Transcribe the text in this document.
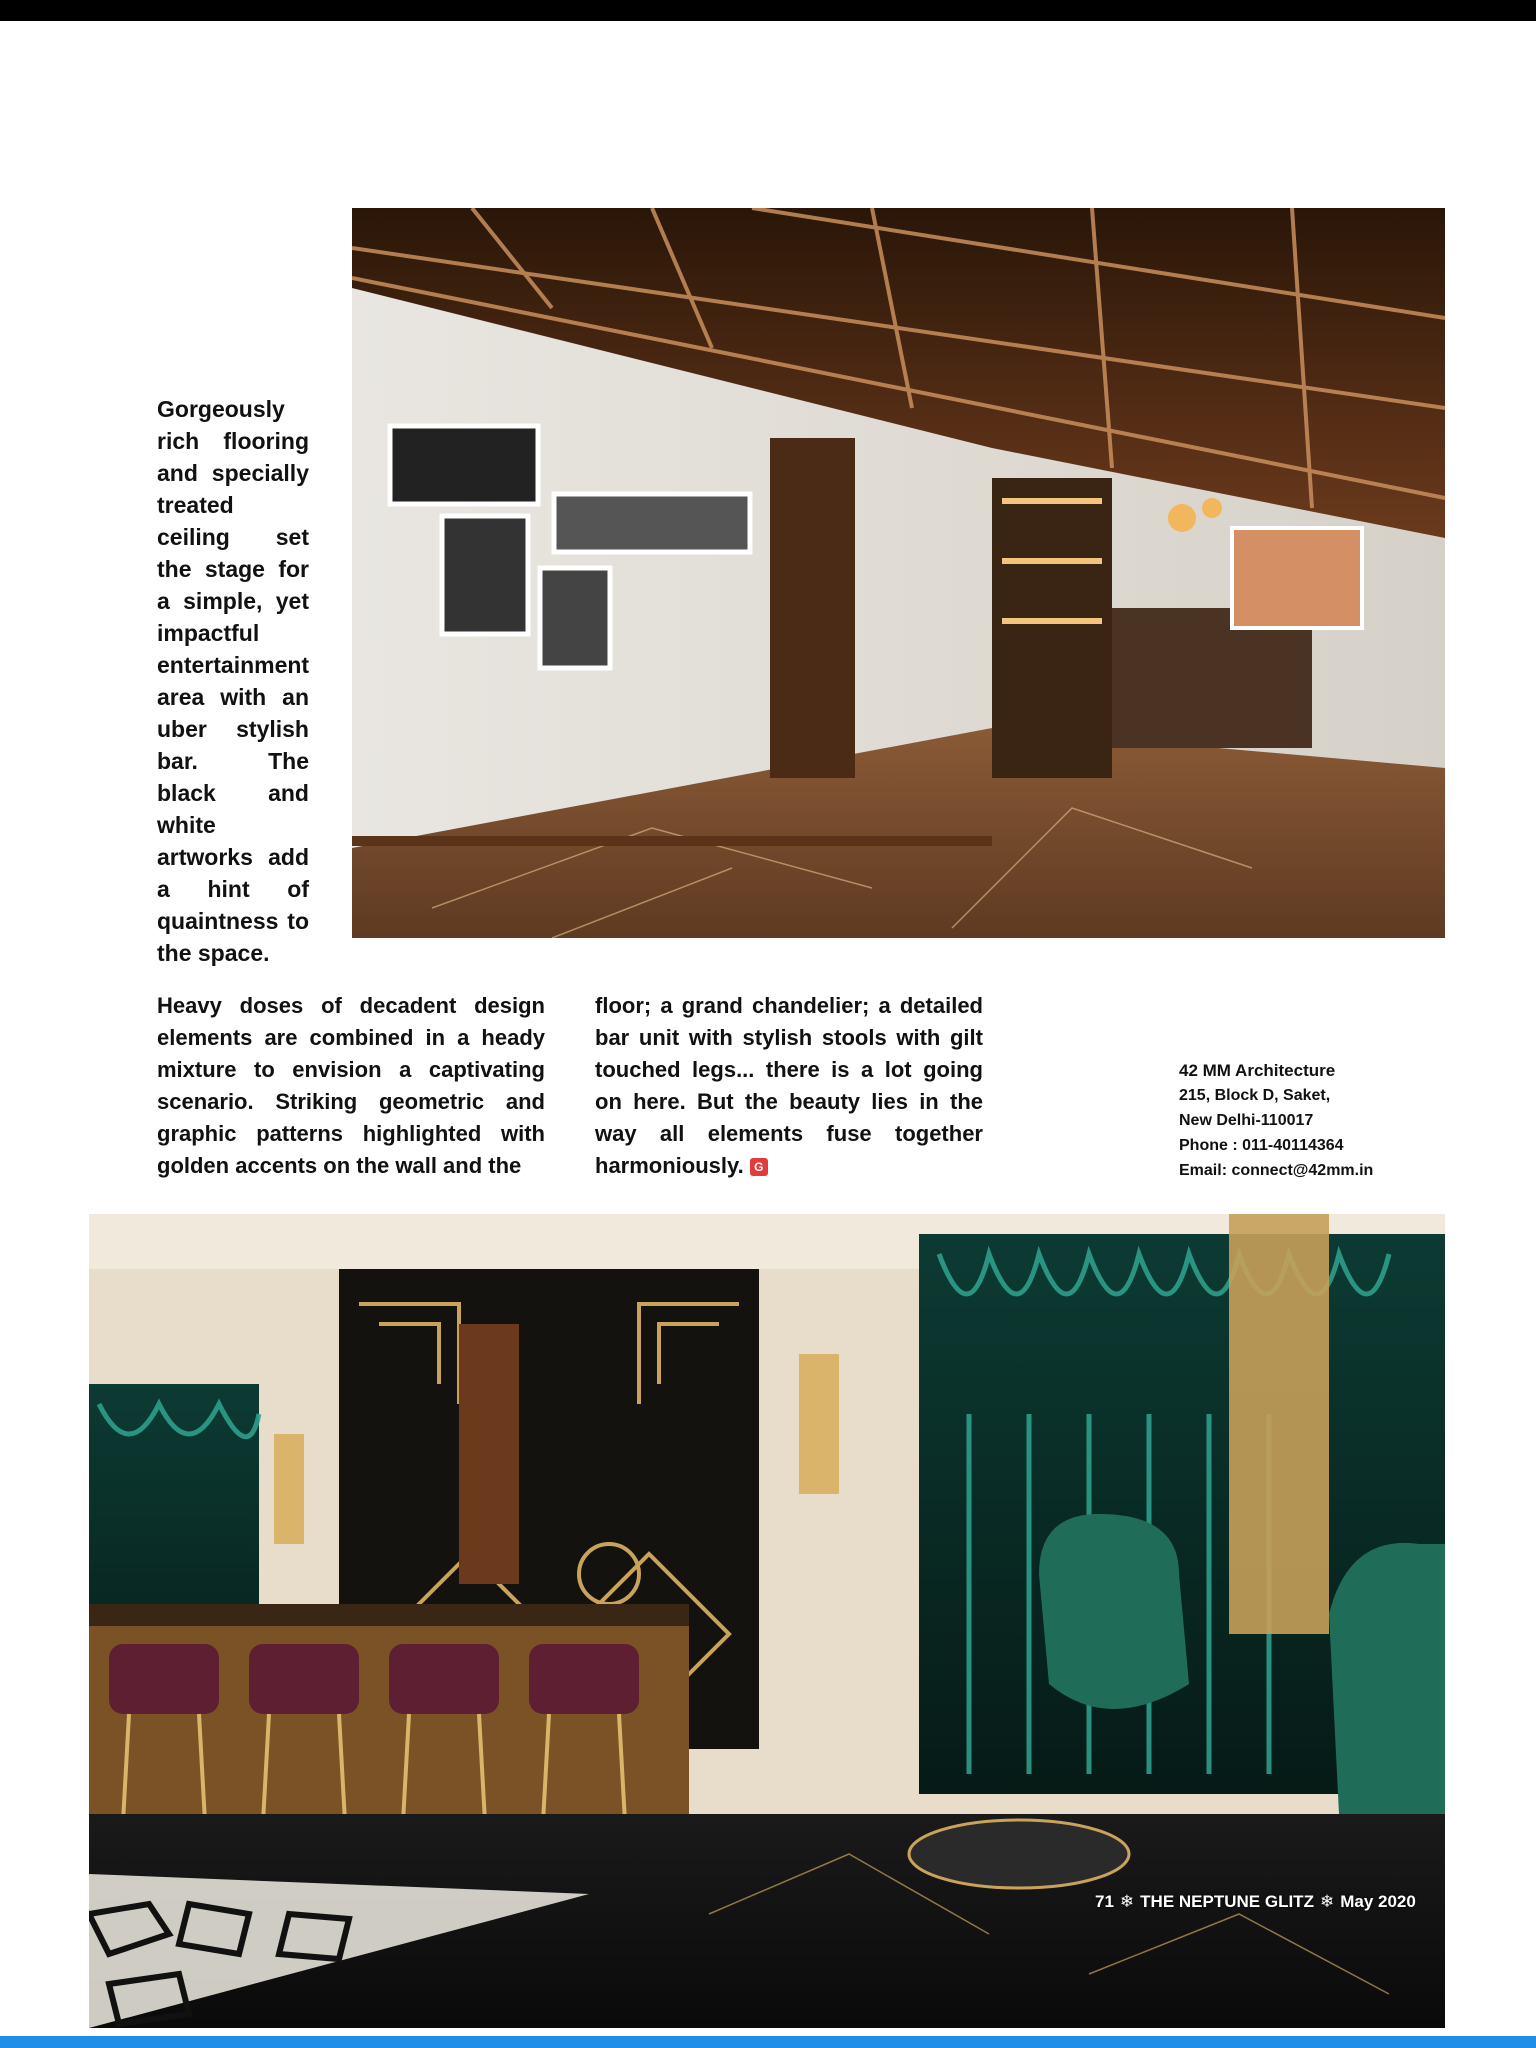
Gorgeously rich flooring and specially treated ceiling set the stage for a simple, yet impactful entertainment area with an uber stylish bar. The black and white artworks add a hint of quaintness to the space.
Heavy doses of decadent design elements are combined in a heady mixture to envision a captivating scenario. Striking geometric and graphic patterns highlighted with golden accents on the wall and the
floor; a grand chandelier; a detailed bar unit with stylish stools with gilt touched legs... there is a lot going on here. But the beauty lies in the way all elements fuse together harmoniously. G
42 MM Architecture
215, Block D, Saket,
New Delhi-110017
Phone : 011-40114364
Email: connect@42mm.in
71 ❄ THE NEPTUNE GLITZ ❄ May 2020
